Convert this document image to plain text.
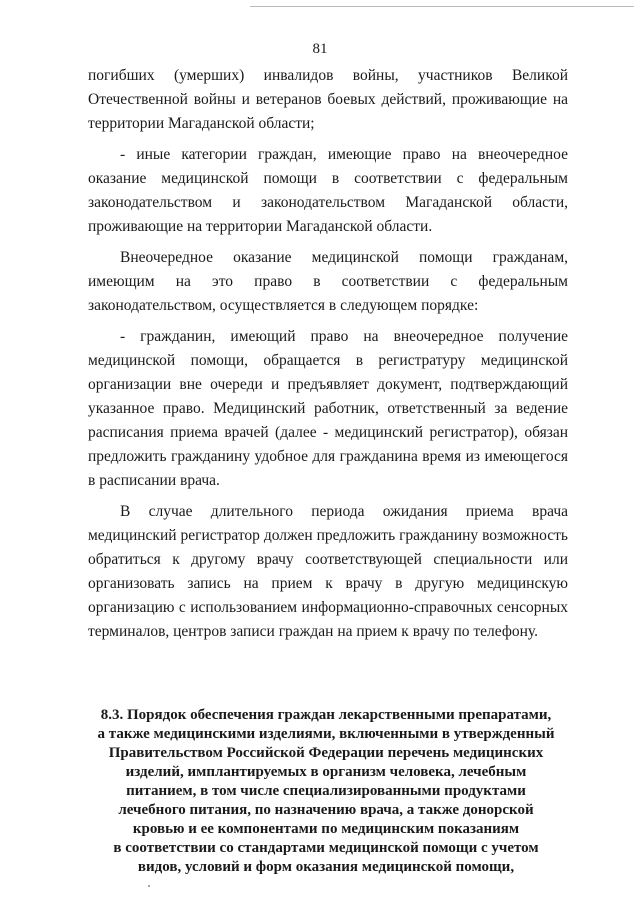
81

погибших (умерших) инвалидов войны, участников Великой Отечественной войны и ветеранов боевых действий, проживающие на территории Магаданской области;

- иные категории граждан, имеющие право на внеочередное оказание медицинской помощи в соответствии с федеральным законодательством и законодательством Магаданской области, проживающие на территории Магаданской области.

Внеочередное оказание медицинской помощи гражданам, имеющим на это право в соответствии с федеральным законодательством, осуществляется в следующем порядке:

- гражданин, имеющий право на внеочередное получение медицинской помощи, обращается в регистратуру медицинской организации вне очереди и предъявляет документ, подтверждающий указанное право. Медицинский работник, ответственный за ведение расписания приема врачей (далее - медицинский регистратор), обязан предложить гражданину удобное для гражданина время из имеющегося в расписании врача.

В случае длительного периода ожидания приема врача медицинский регистратор должен предложить гражданину возможность обратиться к другому врачу соответствующей специальности или организовать запись на прием к врачу в другую медицинскую организацию с использованием информационно-справочных сенсорных терминалов, центров записи граждан на прием к врачу по телефону.

8.3. Порядок обеспечения граждан лекарственными препаратами,
а также медицинскими изделиями, включенными в утвержденный
Правительством Российской Федерации перечень медицинских
изделий, имплантируемых в организм человека, лечебным
питанием, в том числе специализированными продуктами
лечебного питания, по назначению врача, а также донорской
кровью и ее компонентами по медицинским показаниям
в соответствии со стандартами медицинской помощи с учетом
видов, условий и форм оказания медицинской помощи,
